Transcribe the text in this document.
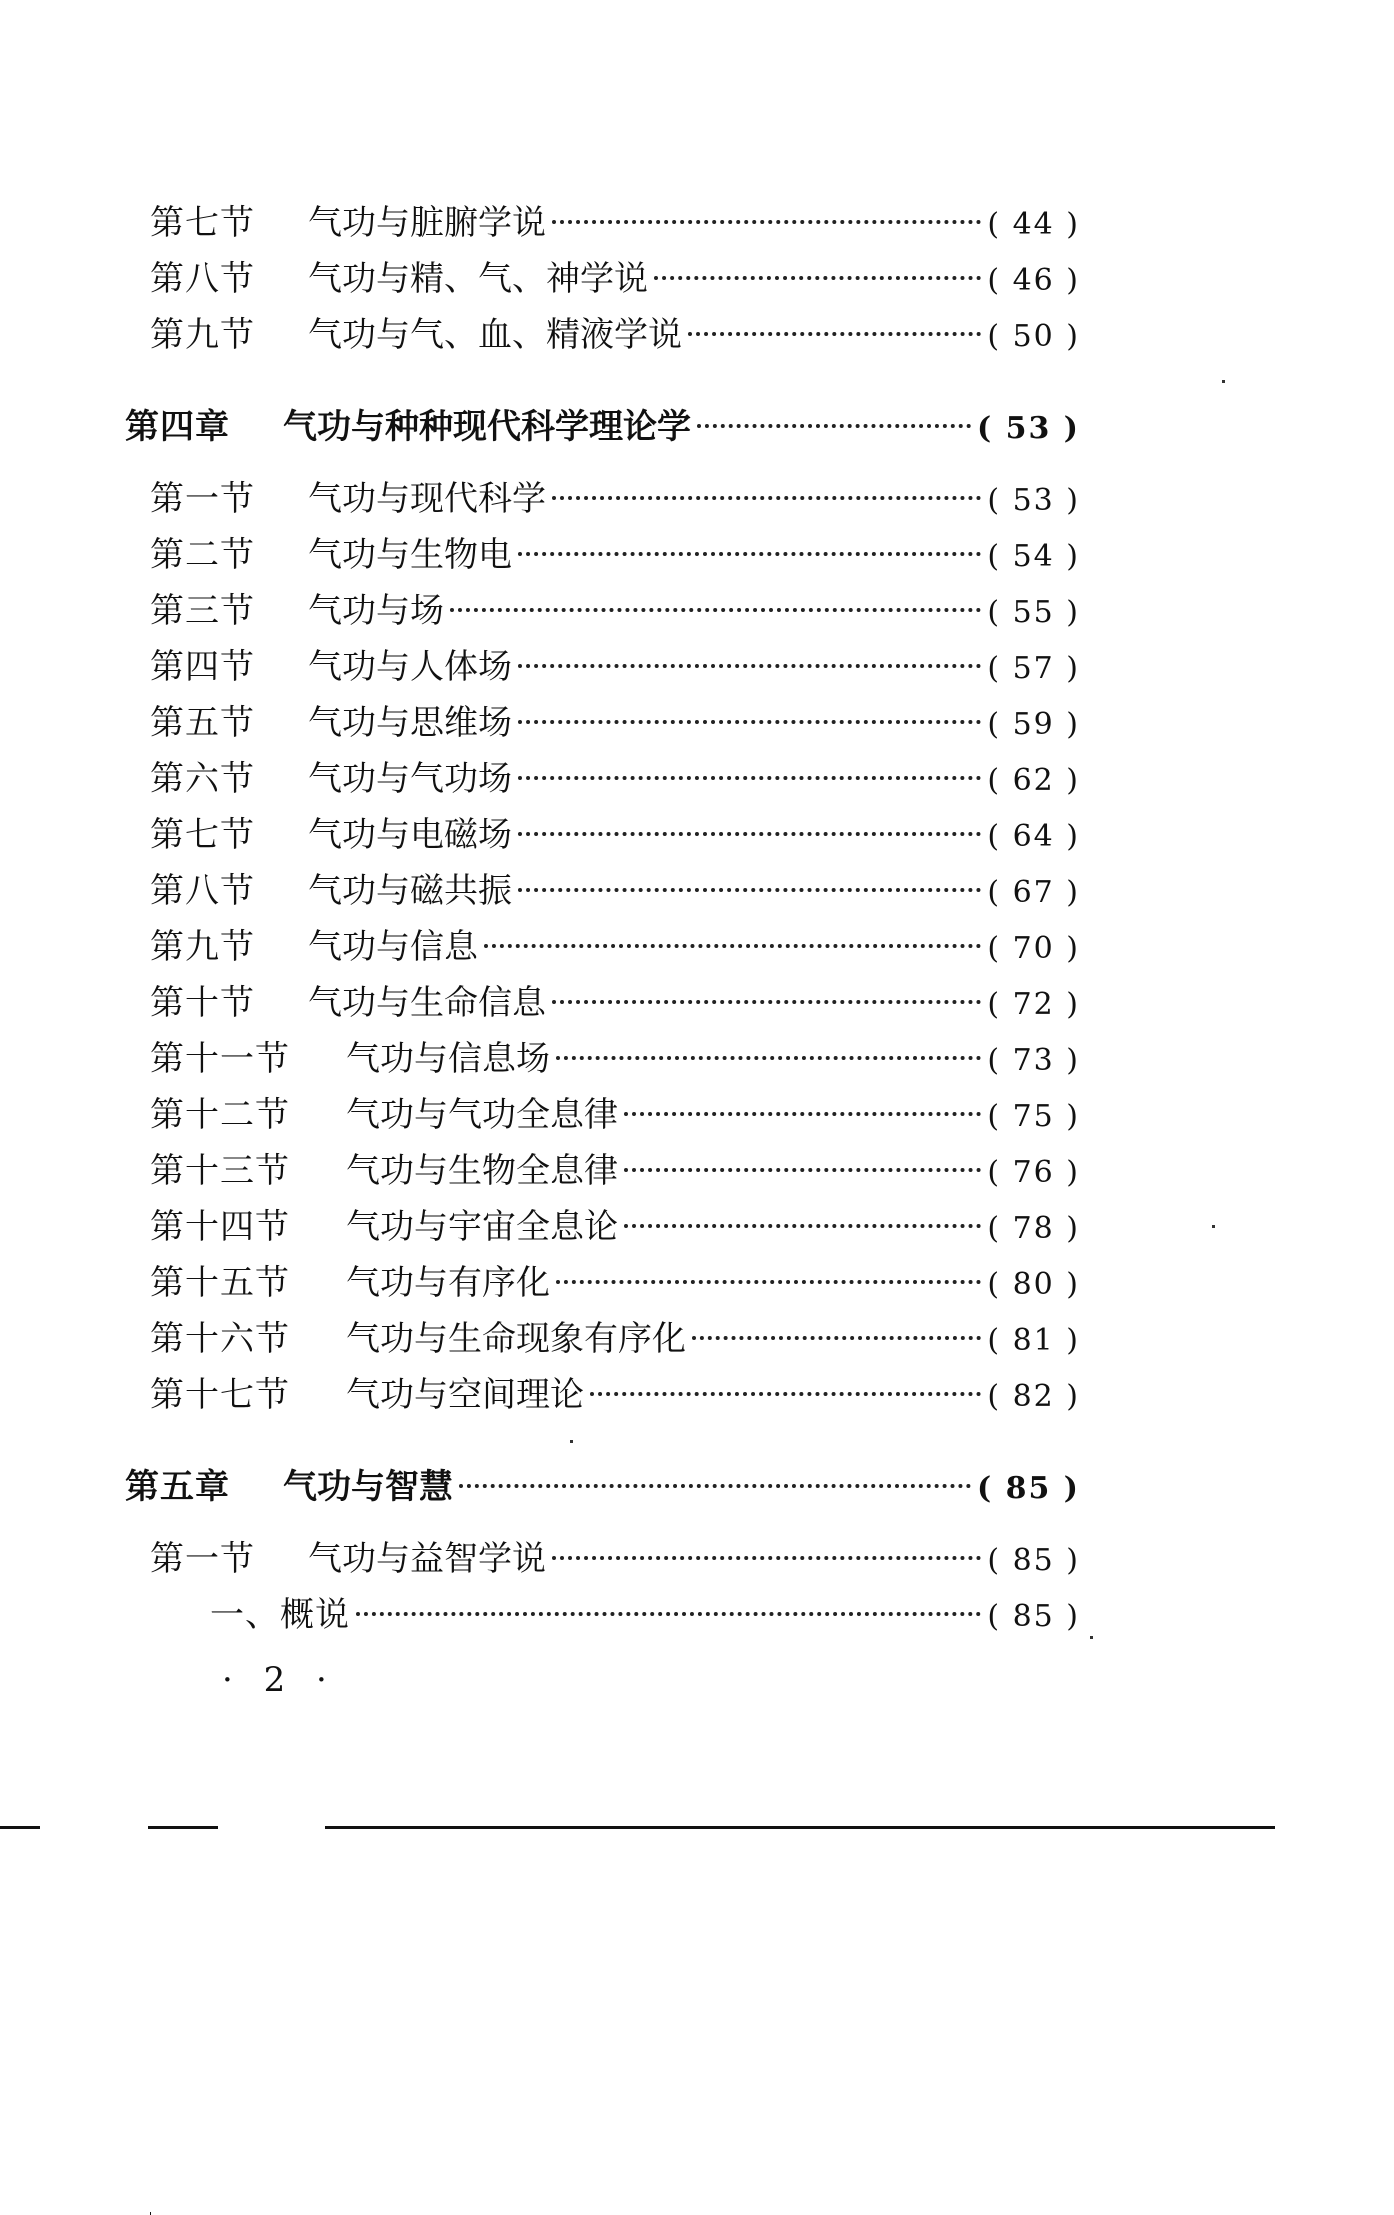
第七节	气功与脏腑学说	( 44 )
第八节	气功与精、气、神学说	( 46 )
第九节	气功与气、血、精液学说	( 50 )
第四章	气功与种种现代科学理论学	( 53 )
第一节	气功与现代科学	( 53 )
第二节	气功与生物电	( 54 )
第三节	气功与场	( 55 )
第四节	气功与人体场	( 57 )
第五节	气功与思维场	( 59 )
第六节	气功与气功场	( 62 )
第七节	气功与电磁场	( 64 )
第八节	气功与磁共振	( 67 )
第九节	气功与信息	( 70 )
第十节	气功与生命信息	( 72 )
第十一节	气功与信息场	( 73 )
第十二节	气功与气功全息律	( 75 )
第十三节	气功与生物全息律	( 76 )
第十四节	气功与宇宙全息论	( 78 )
第十五节	气功与有序化	( 80 )
第十六节	气功与生命现象有序化	( 81 )
第十七节	气功与空间理论	( 82 )
第五章	气功与智慧	( 85 )
第一节	气功与益智学说	( 85 )
一、概说	( 85 )
· 2 ·
